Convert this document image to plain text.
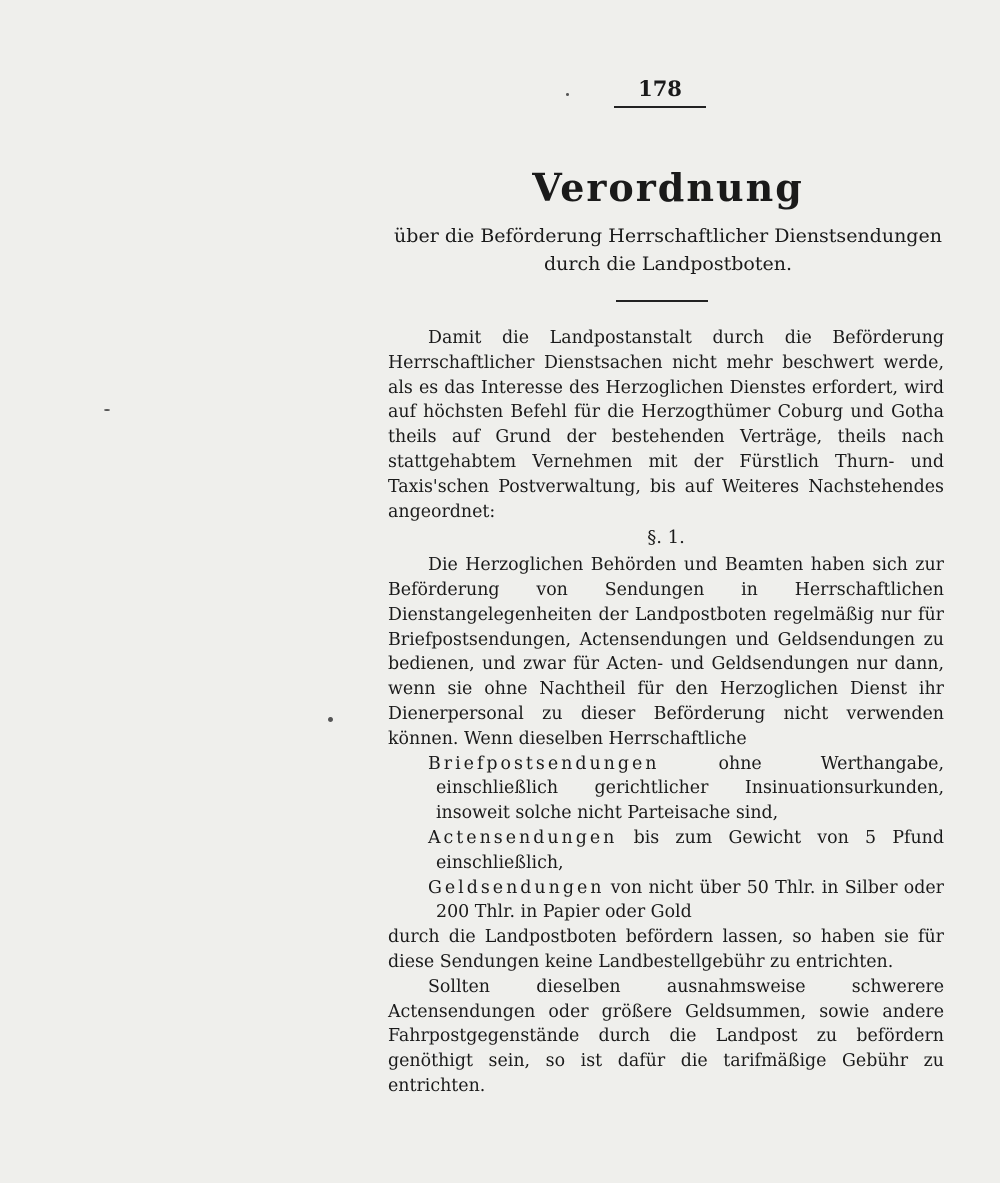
178
Verordnung
über die Beförderung Herrschaftlicher Dienstsendungen durch die Landpostboten.

Damit die Landpostanstalt durch die Beförderung Herrschaftlicher Dienstsachen nicht mehr beschwert werde, als es das Interesse des Herzoglichen Dienstes erfordert, wird auf höchsten Befehl für die Herzogthümer Coburg und Gotha theils auf Grund der bestehenden Verträge, theils nach stattgehabtem Vernehmen mit der Fürstlich Thurn- und Taxis'schen Postverwaltung, bis auf Weiteres Nachstehendes angeordnet:

§. 1.

Die Herzoglichen Behörden und Beamten haben sich zur Beförderung von Sendungen in Herrschaftlichen Dienstangelegenheiten der Landpostboten regelmäßig nur für Briefpostsendungen, Actensendungen und Geldsendungen zu bedienen, und zwar für Acten- und Geldsendungen nur dann, wenn sie ohne Nachtheil für den Herzoglichen Dienst ihr Dienerpersonal zu dieser Beförderung nicht verwenden können. Wenn dieselben Herrschaftliche

Briefpostsendungen ohne Werthangabe, einschließlich gerichtlicher Insinuationsurkunden, insoweit solche nicht Parteisache sind,

Actensendungen bis zum Gewicht von 5 Pfund einschließlich,

Geldsendungen von nicht über 50 Thlr. in Silber oder 200 Thlr. in Papier oder Gold

durch die Landpostboten befördern lassen, so haben sie für diese Sendungen keine Landbestellgebühr zu entrichten.

Sollten dieselben ausnahmsweise schwerere Actensendungen oder größere Geldsummen, sowie andere Fahrpostgegenstände durch die Landpost zu befördern genöthigt sein, so ist dafür die tarifmäßige Gebühr zu entrichten.
